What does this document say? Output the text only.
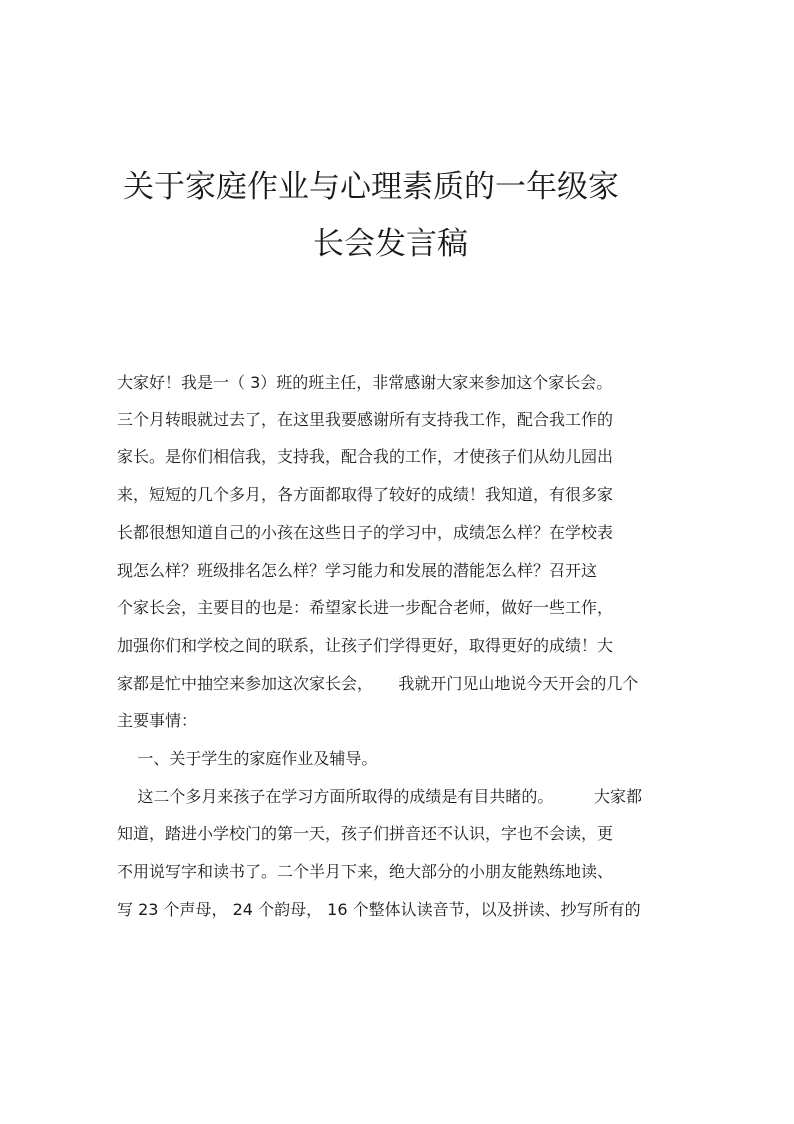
关于家庭作业与心理素质的一年级家
长会发言稿
大家好！我是一（ 3）班的班主任，非常感谢大家来参加这个家长会。
三个月转眼就过去了，在这里我要感谢所有支持我工作，配合我工作的
家长。是你们相信我，支持我，配合我的工作，才使孩子们从幼儿园出
来，短短的几个多月，各方面都取得了较好的成绩！我知道，有很多家
长都很想知道自己的小孩在这些日子的学习中，成绩怎么样？在学校表
现怎么样？班级排名怎么样？学习能力和发展的潜能怎么样？召开这
个家长会，主要目的也是：希望家长进一步配合老师，做好一些工作，
加强你们和学校之间的联系，让孩子们学得更好，取得更好的成绩！大
家都是忙中抽空来参加这次家长会，     我就开门见山地说今天开会的几个
主要事情：
一、关于学生的家庭作业及辅导。
这二个多月来孩子在学习方面所取得的成绩是有目共睹的。        大家都
知道，踏进小学校门的第一天，孩子们拼音还不认识，字也不会读，更
不用说写字和读书了。二个半月下来，绝大部分的小朋友能熟练地读、
写 23 个声母， 24 个韵母， 16 个整体认读音节，以及拼读、抄写所有的
